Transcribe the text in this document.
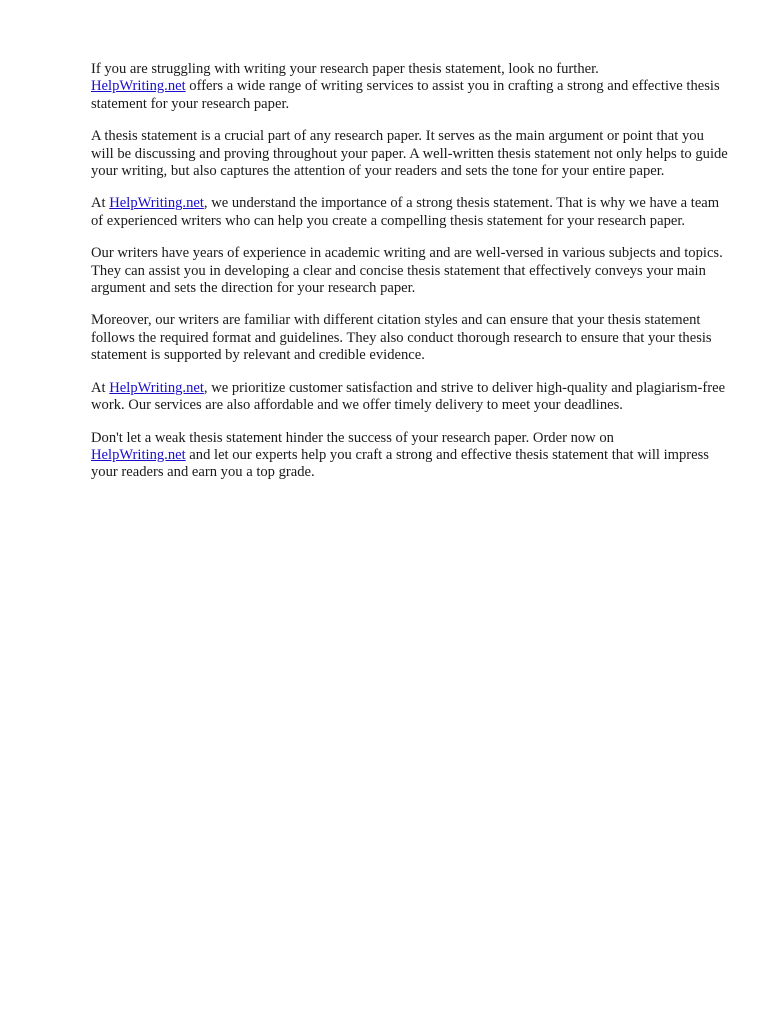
If you are struggling with writing your research paper thesis statement, look no further.
HelpWriting.net offers a wide range of writing services to assist you in crafting a strong and effective thesis statement for your research paper.

A thesis statement is a crucial part of any research paper. It serves as the main argument or point that you will be discussing and proving throughout your paper. A well-written thesis statement not only helps to guide your writing, but also captures the attention of your readers and sets the tone for your entire paper.

At HelpWriting.net, we understand the importance of a strong thesis statement. That is why we have a team of experienced writers who can help you create a compelling thesis statement for your research paper.

Our writers have years of experience in academic writing and are well-versed in various subjects and topics. They can assist you in developing a clear and concise thesis statement that effectively conveys your main argument and sets the direction for your research paper.

Moreover, our writers are familiar with different citation styles and can ensure that your thesis statement follows the required format and guidelines. They also conduct thorough research to ensure that your thesis statement is supported by relevant and credible evidence.

At HelpWriting.net, we prioritize customer satisfaction and strive to deliver high-quality and plagiarism-free work. Our services are also affordable and we offer timely delivery to meet your deadlines.

Don't let a weak thesis statement hinder the success of your research paper. Order now on
HelpWriting.net and let our experts help you craft a strong and effective thesis statement that will impress your readers and earn you a top grade.
